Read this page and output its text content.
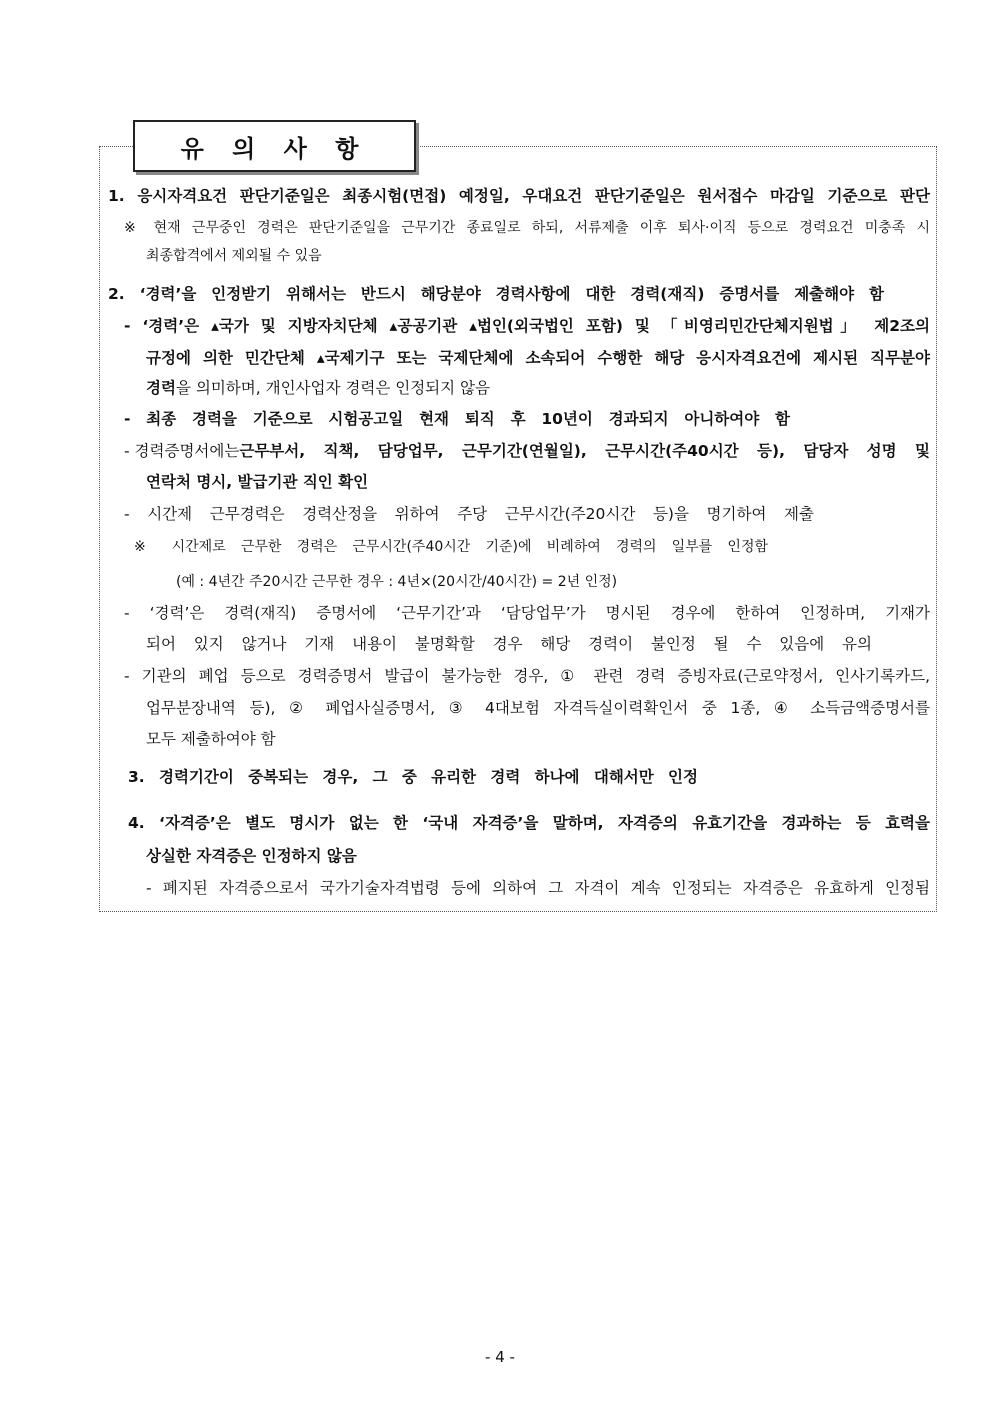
유 의 사 항
1. 응시자격요건 판단기준일은 최종시험(면접) 예정일, 우대요건 판단기준일은 원서접수 마감일 기준으로 판단
※ 현재 근무중인 경력은 판단기준일을 근무기간 종료일로 하되, 서류제출 이후 퇴사·이직 등으로 경력요건 미충족 시
최종합격에서 제외될 수 있음
2. ‘경력’을 인정받기 위해서는 반드시 해당분야 경력사항에 대한 경력(재직) 증명서를 제출해야 함
- ‘경력’은 ▴국가 및 지방자치단체 ▴공공기관 ▴법인(외국법인 포함) 및 「비영리민간단체지원법」 제2조의
규정에 의한 민간단체 ▴국제기구 또는 국제단체에 소속되어 수행한 해당 응시자격요건에 제시된 직무분야
경력을 의미하며, 개인사업자 경력은 인정되지 않음
- 최종 경력을 기준으로 시험공고일 현재 퇴직 후 10년이 경과되지 아니하여야 함
- 경력증명서에는 근무부서, 직책, 담당업무, 근무기간(연월일), 근무시간(주40시간 등), 담당자 성명 및
연락처 명시, 발급기관 직인 확인
- 시간제 근무경력은 경력산정을 위하여 주당 근무시간(주20시간 등)을 명기하여 제출
※ 시간제로 근무한 경력은 근무시간(주40시간 기준)에 비례하여 경력의 일부를 인정함
(예 : 4년간 주20시간 근무한 경우 : 4년×(20시간/40시간) = 2년 인정)
- ‘경력’은 경력(재직) 증명서에 ‘근무기간’과 ‘담당업무’가 명시된 경우에 한하여 인정하며, 기재가
되어 있지 않거나 기재 내용이 불명확할 경우 해당 경력이 불인정 될 수 있음에 유의
- 기관의 폐업 등으로 경력증명서 발급이 불가능한 경우, ① 관련 경력 증빙자료(근로약정서, 인사기록카드,
업무분장내역 등), ② 폐업사실증명서, ③ 4대보험 자격득실이력확인서 중 1종, ④ 소득금액증명서를
모두 제출하여야 함
3. 경력기간이 중복되는 경우, 그 중 유리한 경력 하나에 대해서만 인정
4. ‘자격증’은 별도 명시가 없는 한 ‘국내 자격증’을 말하며, 자격증의 유효기간을 경과하는 등 효력을
상실한 자격증은 인정하지 않음
- 폐지된 자격증으로서 국가기술자격법령 등에 의하여 그 자격이 계속 인정되는 자격증은 유효하게 인정됨
- 4 -
